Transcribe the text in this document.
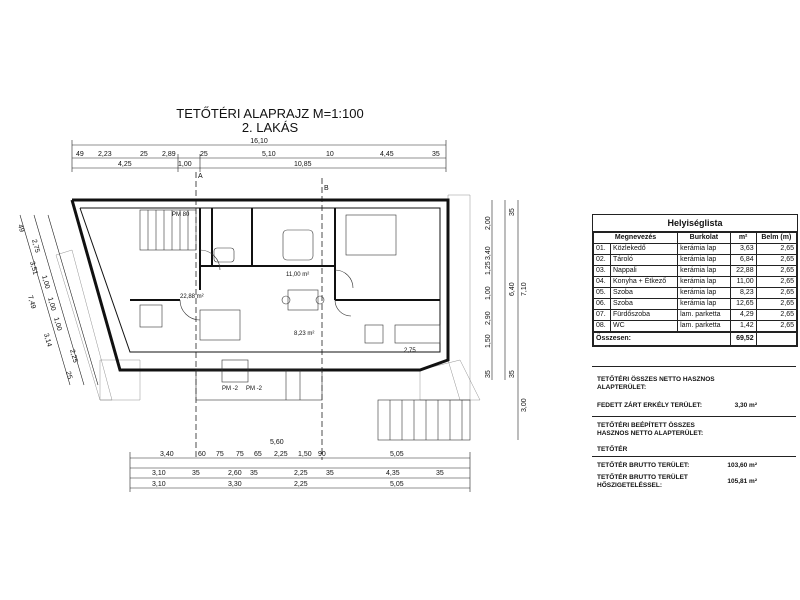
TETŐTÉRI ALAPRAJZ M=1:100
2. LAKÁS
16,10
49 2,23	25 2,89	25	5,10	10	4,45	35
4,25	1,00	10,85
A
B
22,88 m²
11,00 m²
8,23 m²
2,75
PM 80
PM -2 PM -2
3,40
5,60
5,05
60 75 75 65 2,25 1,50 90
3,10	35	2,60 35	2,25	35	4,35	35
3,10	3,30	2,25	5,05
2,00
35
3,40
1,25
1,00
2,90
1,50
35
6,40 7,10
35
3,00
49
2,75
3,51
1,00
7,49 1,00
1,00
3,14
2,25
25
Helyiséglista
Megnevezés		Burkolat	m²	Belm (m)
01.	Közlekedő	kerámia lap	3,63	2,65
02.	Tároló	kerámia lap	6,84	2,65
03.	Nappali	kerámia lap	22,88	2,65
04.	Konyha + Étkező	kerámia lap	11,00	2,65
05.	Szoba	kerámia lap	8,23	2,65
06.	Szoba	kerámia lap	12,65	2,65
07.	Fürdőszoba	lam. parketta	4,29	2,65
08.	WC	lam. parketta	1,42	2,65
Összesen:			69,52	
TETŐTÉRI ÖSSZES NETTO HASZNOS
ALAPTERÜLET:
FEDETT ZÁRT ERKÉLY TERÜLET:	3,30 m²
TETŐTÉRI BEÉPÍTETT ÖSSZES
HASZNOS NETTO ALAPTERÜLET:
TETŐTÉR
TETŐTÉR BRUTTO TERÜLET:	103,60 m²
TETŐTÉR BRUTTO TERÜLET
HŐSZIGETELÉSSEL:
105,81 m²
